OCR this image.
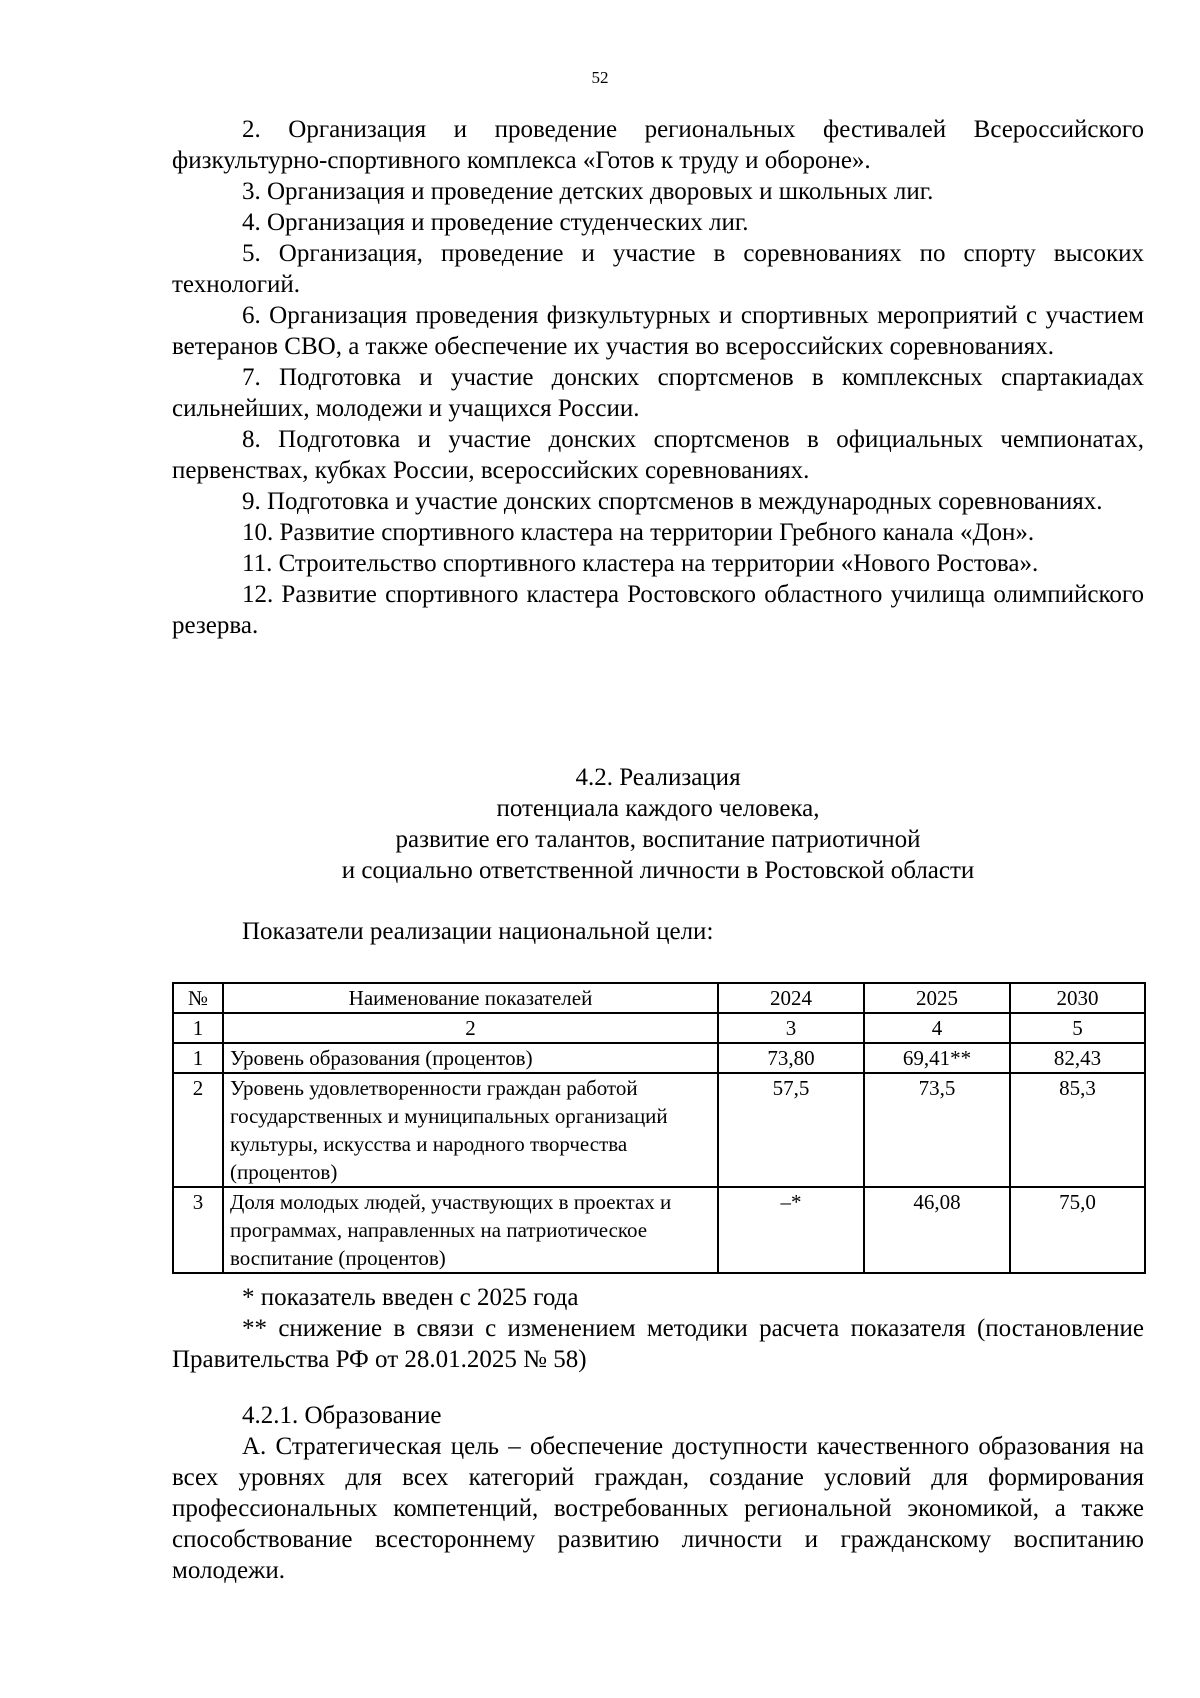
52

2. Организация и проведение региональных фестивалей Всероссийского физкультурно-спортивного комплекса «Готов к труду и обороне».

3. Организация и проведение детских дворовых и школьных лиг.

4. Организация и проведение студенческих лиг.

5. Организация, проведение и участие в соревнованиях по спорту высоких технологий.

6. Организация проведения физкультурных и спортивных мероприятий с участием ветеранов СВО, а также обеспечение их участия во всероссийских соревнованиях.

7. Подготовка и участие донских спортсменов в комплексных спартакиадах сильнейших, молодежи и учащихся России.

8. Подготовка и участие донских спортсменов в официальных чемпионатах, первенствах, кубках России, всероссийских соревнованиях.

9. Подготовка и участие донских спортсменов в международных соревнованиях.

10. Развитие спортивного кластера на территории Гребного канала «Дон».

11. Строительство спортивного кластера на территории «Нового Ростова».

12. Развитие спортивного кластера Ростовского областного училища олимпийского резерва.

4.2. Реализация
потенциала каждого человека,
развитие его талантов, воспитание патриотичной
и социально ответственной личности в Ростовской области
Показатели реализации национальной цели:
№	Наименование показателей	2024	2025	2030
1	2	3	4	5
1	Уровень образования (процентов)	73,80	69,41**	82,43
2	Уровень удовлетворенности граждан работой государственных и муниципальных организаций культуры, искусства и народного творчества (процентов)	57,5	73,5	85,3
3	Доля молодых людей, участвующих в проектах и программах, направленных на патриотическое воспитание (процентов)	–*	46,08	75,0

* показатель введен с 2025 года

** снижение в связи с изменением методики расчета показателя (постановление Правительства РФ от 28.01.2025 № 58)

4.2.1. Образование

А. Стратегическая цель – обеспечение доступности качественного образования на всех уровнях для всех категорий граждан, создание условий для формирования профессиональных компетенций, востребованных региональной экономикой, а также способствование всестороннему развитию личности и гражданскому воспитанию молодежи.
